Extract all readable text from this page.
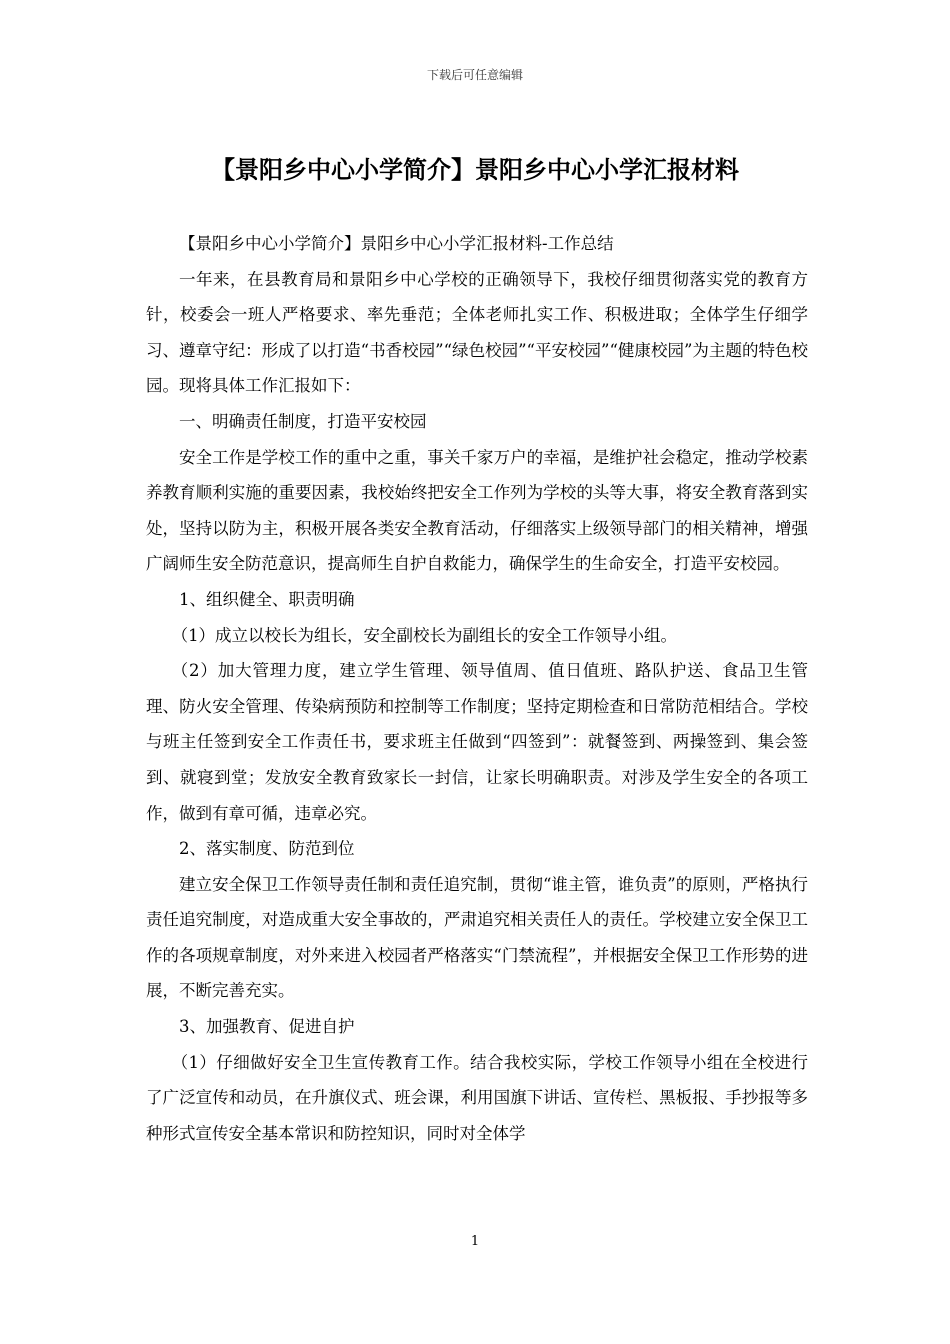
下载后可任意编辑
【景阳乡中心小学简介】景阳乡中心小学汇报材料

【景阳乡中心小学简介】景阳乡中心小学汇报材料-工作总结

一年来，在县教育局和景阳乡中心学校的正确领导下，我校仔细贯彻落实党的教育方针，校委会一班人严格要求、率先垂范；全体老师扎实工作、积极进取；全体学生仔细学习、遵章守纪：形成了以打造“书香校园”“绿色校园”“平安校园”“健康校园”为主题的特色校园。现将具体工作汇报如下：

一、明确责任制度，打造平安校园

安全工作是学校工作的重中之重，事关千家万户的幸福，是维护社会稳定，推动学校素养教育顺利实施的重要因素，我校始终把安全工作列为学校的头等大事，将安全教育落到实处，坚持以防为主，积极开展各类安全教育活动，仔细落实上级领导部门的相关精神，增强广阔师生安全防范意识，提高师生自护自救能力，确保学生的生命安全，打造平安校园。

1、组织健全、职责明确

（1）成立以校长为组长，安全副校长为副组长的安全工作领导小组。

（2）加大管理力度，建立学生管理、领导值周、值日值班、路队护送、食品卫生管理、防火安全管理、传染病预防和控制等工作制度；坚持定期检查和日常防范相结合。学校与班主任签到安全工作责任书，要求班主任做到“四签到”：就餐签到、两操签到、集会签到、就寝到堂；发放安全教育致家长一封信，让家长明确职责。对涉及学生安全的各项工作，做到有章可循，违章必究。

2、落实制度、防范到位

建立安全保卫工作领导责任制和责任追究制，贯彻“谁主管，谁负责”的原则，严格执行责任追究制度，对造成重大安全事故的，严肃追究相关责任人的责任。学校建立安全保卫工作的各项规章制度，对外来进入校园者严格落实“门禁流程”，并根据安全保卫工作形势的进展，不断完善充实。

3、加强教育、促进自护

（1）仔细做好安全卫生宣传教育工作。结合我校实际，学校工作领导小组在全校进行了广泛宣传和动员，在升旗仪式、班会课，利用国旗下讲话、宣传栏、黑板报、手抄报等多种形式宣传安全基本常识和防控知识，同时对全体学

1
